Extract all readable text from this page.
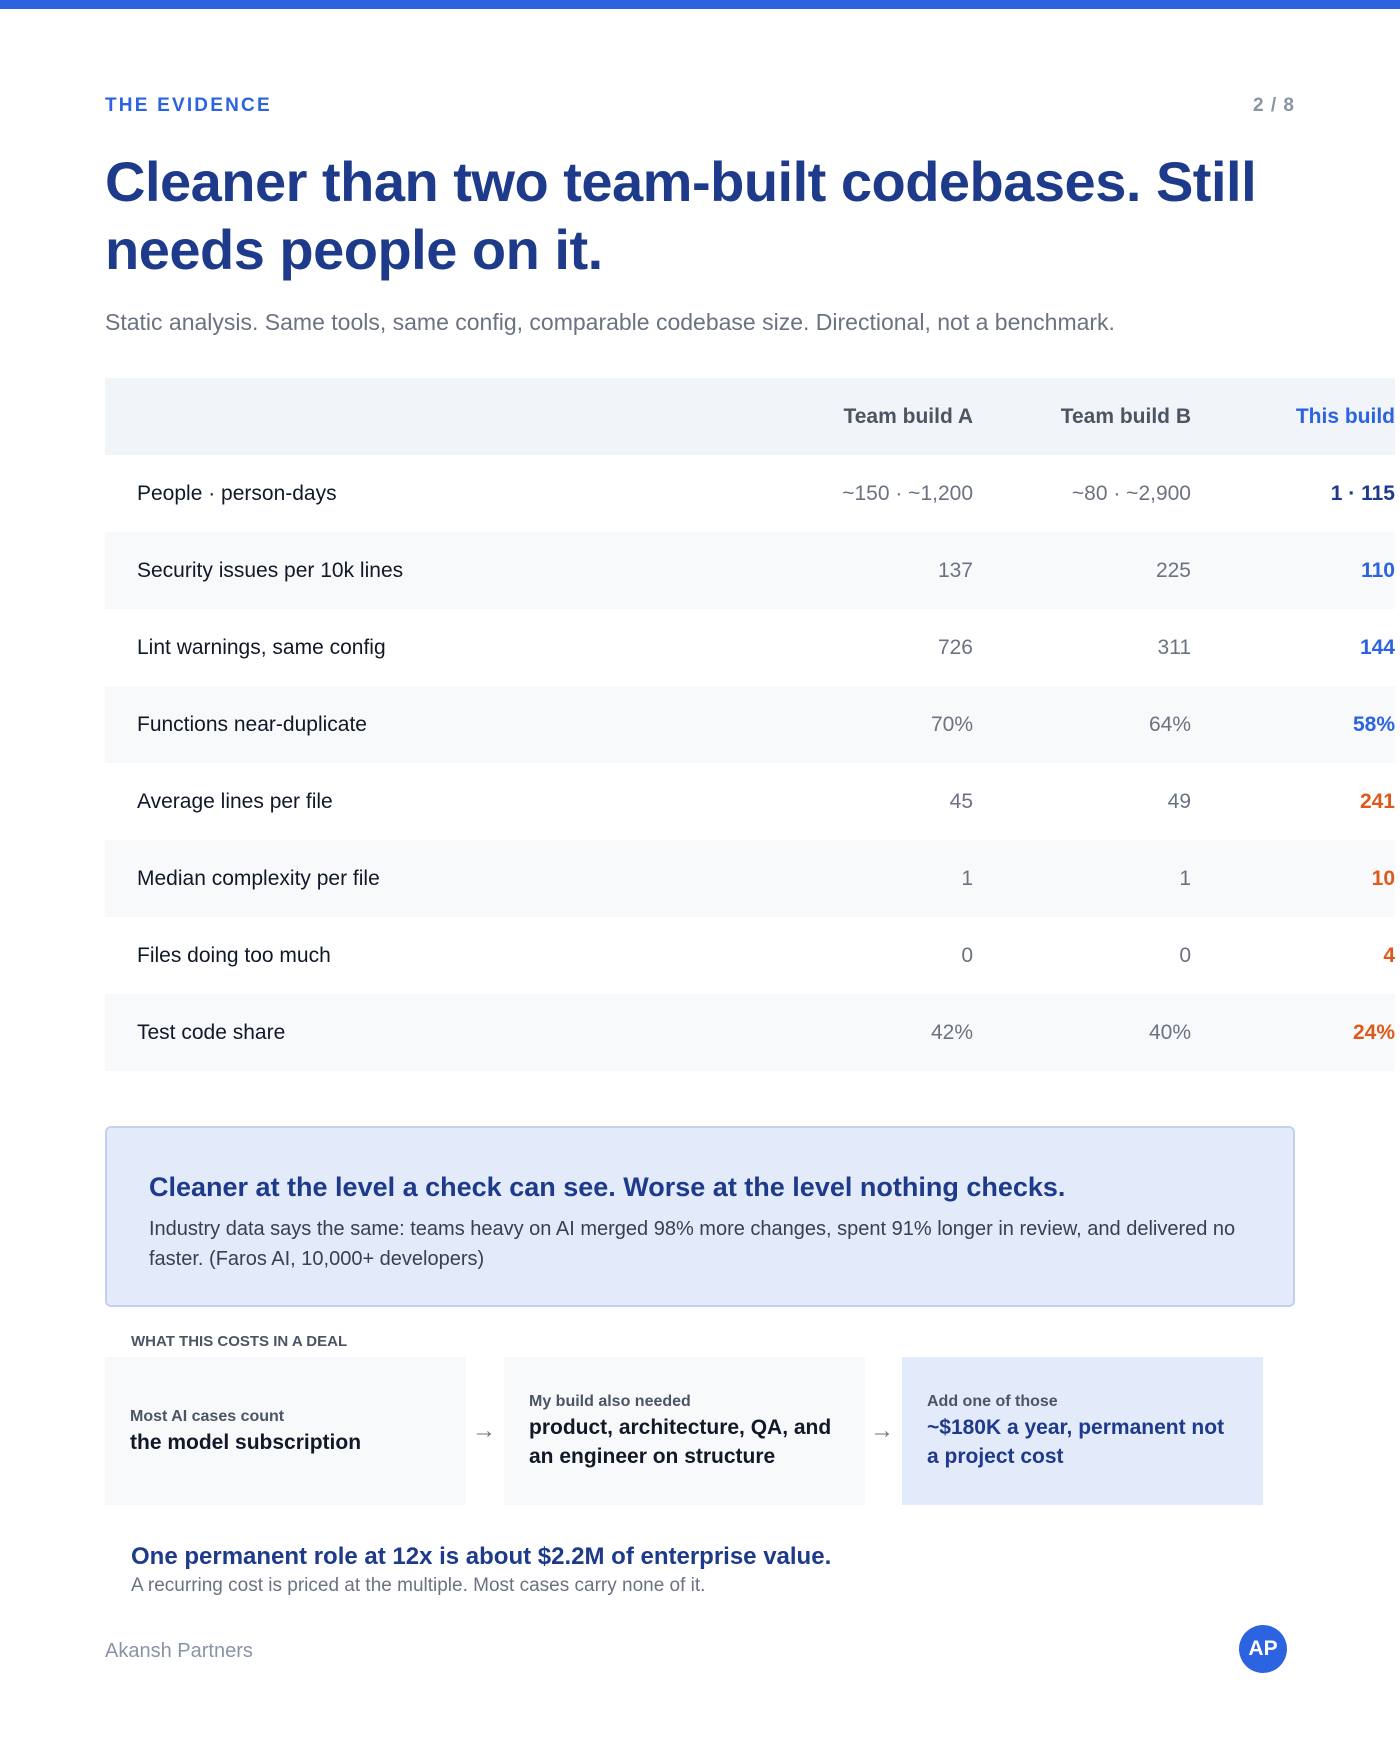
THE EVIDENCE	2 / 8
Cleaner than two team-built codebases. Still needs people on it.

Static analysis. Same tools, same config, comparable codebase size. Directional, not a benchmark.

	Team build A	Team build B	This build
People · person-days	~150 · ~1,200	~80 · ~2,900	1 · 115
Security issues per 10k lines	137	225	110
Lint warnings, same config	726	311	144
Functions near-duplicate	70%	64%	58%
Average lines per file	45	49	241
Median complexity per file	1	1	10
Files doing too much	0	0	4
Test code share	42%	40%	24%
Cleaner at the level a check can see. Worse at the level nothing checks.
Industry data says the same: teams heavy on AI merged 98% more changes, spent 91% longer in review, and delivered no faster. (Faros AI, 10,000+ developers)
WHAT THIS COSTS IN A DEAL
Most AI cases count
the model subscription	→
My build also needed
product, architecture, QA, and an engineer on structure
→
Add one of those
~$180K a year, permanent not a project cost
One permanent role at 12x is about $2.2M of enterprise value.
A recurring cost is priced at the multiple. Most cases carry none of it.
Akansh Partners	AP
